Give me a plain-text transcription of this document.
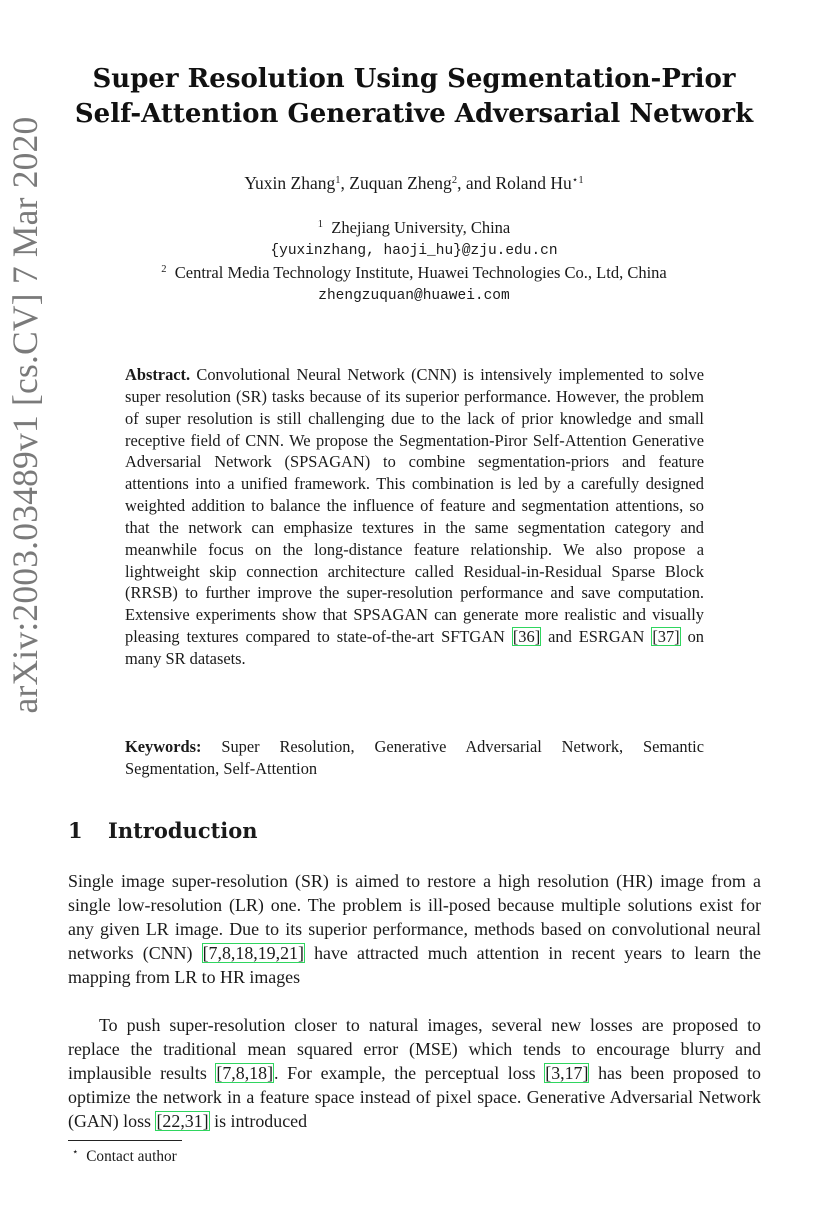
arXiv:2003.03489v1 [cs.CV] 7 Mar 2020
Super Resolution Using Segmentation-Prior
Self-Attention Generative Adversarial Network
Yuxin Zhang$^1$, Zuquan Zheng$^2$, and Roland $Hu^{⋆1}$
$^1$ Zhejiang University, China
{yuxinzhang, haoji_hu}@zju.edu.cn
$^2$ Central Media Technology Institute, Huawei Technologies Co., Ltd, China
zhengzuquan@huawei.com
Abstract. Convolutional Neural Network (CNN) is intensively implemented to solve super resolution (SR) tasks because of its superior performance. However, the problem of super resolution is still challenging due to the lack of prior knowledge and small receptive field of CNN. We propose the Segmentation-Piror Self-Attention Generative Adversarial Network (SPSAGAN) to combine segmentation-priors and feature attentions into a unified framework. This combination is led by a carefully designed weighted addition to balance the influence of feature and segmentation attentions, so that the network can emphasize textures in the same segmentation category and meanwhile focus on the long-distance feature relationship. We also propose a lightweight skip connection architecture called Residual-in-Residual Sparse Block (RRSB) to further improve the super-resolution performance and save computation. Extensive experiments show that SPSAGAN can generate more realistic and visually pleasing textures compared to state-of-the-art SFTGAN [36] and ESRGAN [37] on many SR datasets.
Keywords: Super Resolution, Generative Adversarial Network, Semantic Segmentation, Self-Attention
1 Introduction
Single image super-resolution (SR) is aimed to restore a high resolution (HR) image from a single low-resolution (LR) one. The problem is ill-posed because multiple solutions exist for any given LR image. Due to its superior performance, methods based on convolutional neural networks (CNN) [7,8,18,19,21] have attracted much attention in recent years to learn the mapping from LR to HR images
To push super-resolution closer to natural images, several new losses are proposed to replace the traditional mean squared error (MSE) which tends to encourage blurry and implausible results [7,8,18]. For example, the perceptual loss [3,17] has been proposed to optimize the network in a feature space instead of pixel space. Generative Adversarial Network (GAN) loss [22,31] is introduced
⋆ Contact author
